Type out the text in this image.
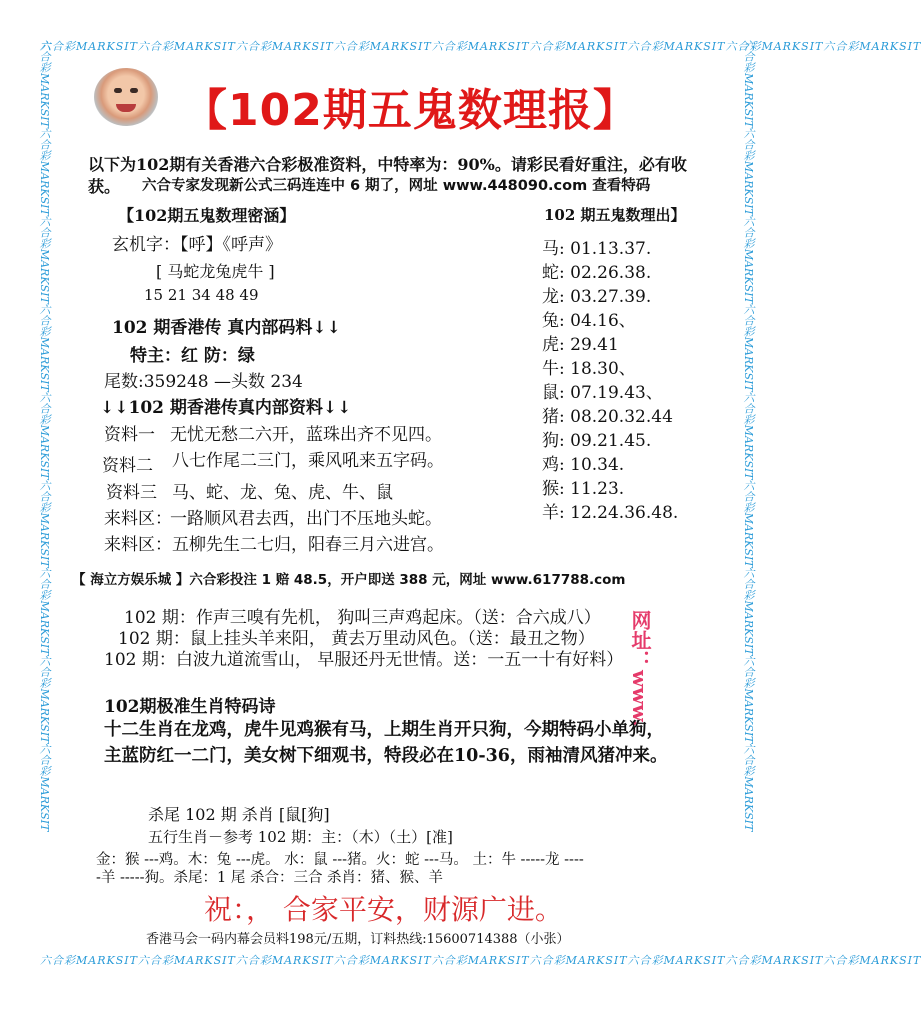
六合彩MARKSIT六合彩MARKSIT六合彩MARKSIT六合彩MARKSIT六合彩MARKSIT六合彩MARKSIT六合彩MARKSIT六合彩MARKSIT六合彩MARKSIT
六合彩MARKSIT六合彩MARKSIT六合彩MARKSIT六合彩MARKSIT六合彩MARKSIT六合彩MARKSIT六合彩MARKSIT六合彩MARKSIT六合彩MARKSIT
六合彩MARKSIT六合彩MARKSIT六合彩MARKSIT六合彩MARKSIT六合彩MARKSIT六合彩MARKSIT六合彩MARKSIT六合彩MARKSIT六合彩MARKSIT	六合彩MARKSIT六合彩MARKSIT六合彩MARKSIT六合彩MARKSIT六合彩MARKSIT六合彩MARKSIT六合彩MARKSIT六合彩MARKSIT六合彩MARKSIT
【102期五鬼数理报】
以下为102期有关香港六合彩极准资料，中特率为：90%。请彩民看好重注，必有收
获。 六合专家发现新公式三码连连中 6 期了，网址 www.448090.com 查看特码
【102期五鬼数理密涵】
玄机字：【呼】《呼声》
[ 马蛇龙兔虎牛 ]
15 21 34 48 49
102 期香港传 真内部码料↓↓
特主：红 防：绿
尾数:359248 —头数 234
↓↓102 期香港传真内部资料↓↓
资料一 无忧无愁二六开，蓝珠出齐不见四。
资料二 八七作尾二三门，乘风吼来五字码。
资料三 马、蛇、龙、兔、虎、牛、鼠
来料区：
一路顺风君去西，出门不压地头蛇。
来料区： 五柳先生二七归，阳春三月六进宫。
102 期五鬼数理出】
马: 01.13.37.
蛇: 02.26.38.
龙: 03.27.39.
兔: 04.16、
虎: 29.41
牛: 18.30、
鼠: 07.19.43、
猪: 08.20.32.44
狗: 09.21.45.
鸡: 10.34.
猴: 11.23.
羊: 12.24.36.48.
【 海立方娱乐城 】六合彩投注 1 赔 48.5，开户即送 388 元，网址 www.617788.com
102 期：作声三嗅有先机， 狗叫三声鸡起床。（送：合六成八）
102 期：鼠上挂头羊来阳， 黄去万里动风色。（送：最丑之物）
102 期：白波九道流雪山， 早服还丹无世情。送：一五一十有好料） 网址：www.
102期极准生肖特码诗
十二生肖在龙鸡，虎牛见鸡猴有马，上期生肖开只狗，今期特码小单狗，
主蓝防红一二门，美女树下细观书，特段必在10-36，雨袖清风猪冲来。
杀尾 102 期 杀肖 [鼠[狗]
五行生肖－参考 102 期：主：（木）（土）[准]
金：猴 ---鸡。木：兔 ---虎。 水：鼠 ---猪。火：蛇 ---马。 土：牛 -----龙 ----
-羊 -----狗。杀尾：1 尾 杀合：三合 杀肖：猪、猴、羊
祝：， 合家平安，财源广进。
香港马会一码内幕会员料198元/五期，订料热线:15600714388（小张）
